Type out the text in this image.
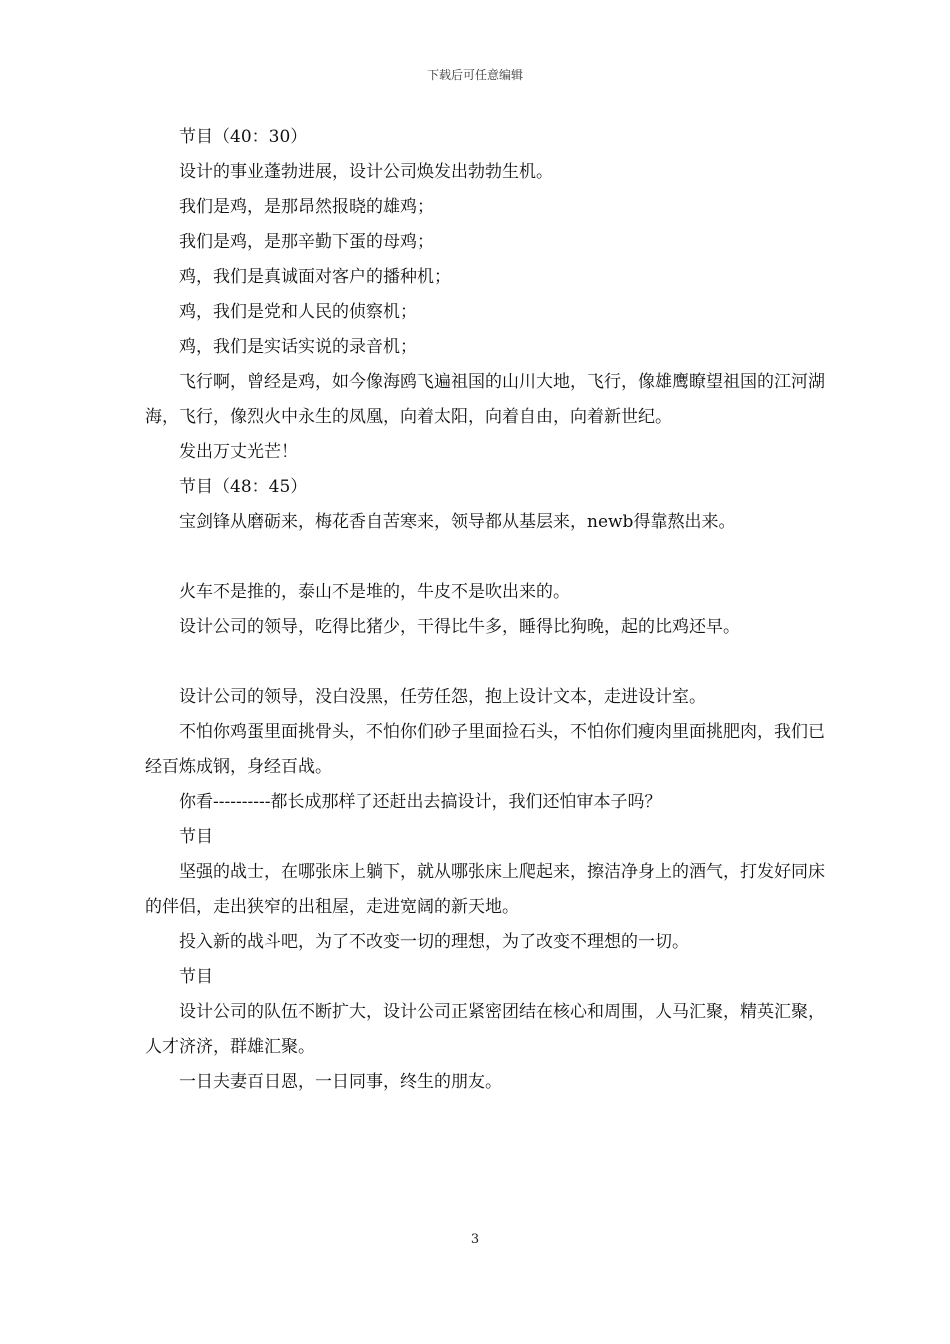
下载后可任意编辑

节目（40：30）

设计的事业蓬勃进展，设计公司焕发出勃勃生机。

我们是鸡，是那昂然报晓的雄鸡；

我们是鸡，是那辛勤下蛋的母鸡；

鸡，我们是真诚面对客户的播种机；

鸡，我们是党和人民的侦察机；

鸡，我们是实话实说的录音机；

飞行啊，曾经是鸡，如今像海鸥飞遍祖国的山川大地，飞行，像雄鹰瞭望祖国的江河湖海，飞行，像烈火中永生的凤凰，向着太阳，向着自由，向着新世纪。

发出万丈光芒！

节目（48：45）

宝剑锋从磨砺来，梅花香自苦寒来，领导都从基层来，newb得靠熬出来。

火车不是推的，泰山不是堆的，牛皮不是吹出来的。

设计公司的领导，吃得比猪少，干得比牛多，睡得比狗晚，起的比鸡还早。

设计公司的领导，没白没黑，任劳任怨，抱上设计文本，走进设计室。

不怕你鸡蛋里面挑骨头，不怕你们砂子里面捡石头，不怕你们瘦肉里面挑肥肉，我们已经百炼成钢，身经百战。

你看----------都长成那样了还赶出去搞设计，我们还怕审本子吗？

节目

坚强的战士，在哪张床上躺下，就从哪张床上爬起来，擦洁净身上的酒气，打发好同床的伴侣，走出狭窄的出租屋，走进宽阔的新天地。

投入新的战斗吧，为了不改变一切的理想，为了改变不理想的一切。

节目

设计公司的队伍不断扩大，设计公司正紧密团结在核心和周围，人马汇聚，精英汇聚，人才济济，群雄汇聚。

一日夫妻百日恩，一日同事，终生的朋友。

3
